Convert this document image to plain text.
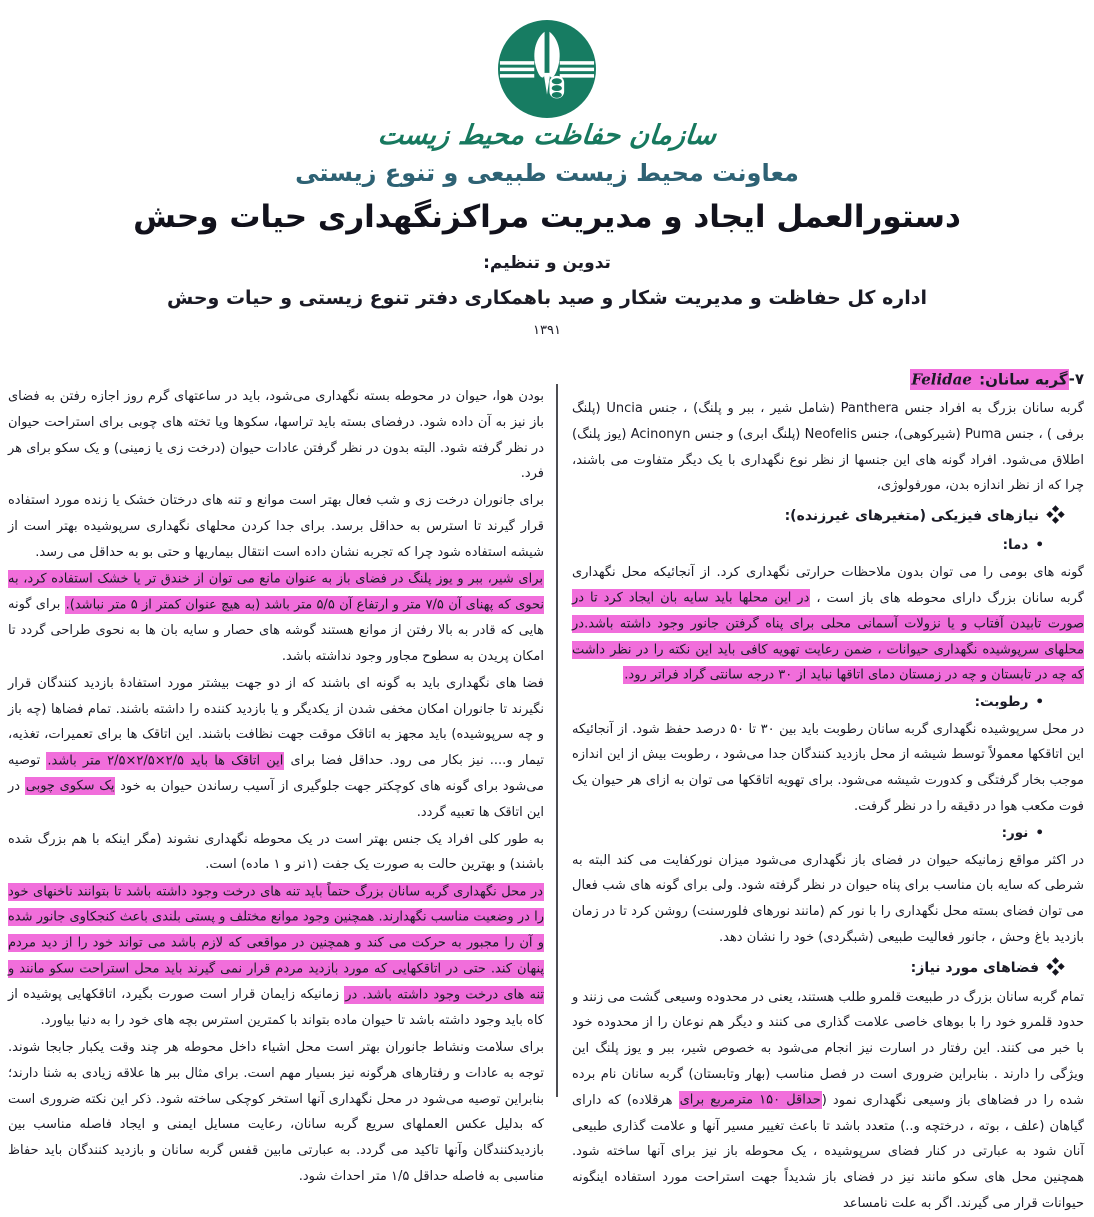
سازمان حفاظت محیط زیست
معاونت محیط زیست طبیعی و تنوع زیستی
دستورالعمل ایجاد و مدیریت مراکزنگهداری حیات وحش
تدوین و تنظیم:
اداره کل حفاظت و مدیریت شکار و صید باهمکاری دفتر تنوع زیستی و حیات وحش
۱۳۹۱
۷-گربه سانان: Felidae

گربه سانان بزرگ به افراد جنس Panthera (شامل شیر ، ببر و پلنگ) ، جنس Uncia (پلنگ برفی ) ، جنس Puma (شیرکوهی)، جنس Neofelis (پلنگ ابری) و جنس Acinonyn (یوز پلنگ) اطلاق می‌شود. افراد گونه های این جنسها از نظر نوع نگهداری با یک دیگر متفاوت می باشند، چرا که از نظر اندازه بدن، مورفولوژی،

نیازهای فیزیکی (متغیرهای غیرزنده):
•دما:

گونه های بومی را می توان بدون ملاحظات حرارتی نگهداری کرد. از آنجائیکه محل نگهداری گربه سانان بزرگ دارای محوطه های باز است ، در این محلها باید سایه بان ایجاد کرد تا در صورت تابیدن آفتاب و یا نزولات آسمانی محلی برای پناه گرفتن جانور وجود داشته باشد.در محلهای سرپوشیده نگهداری حیوانات ، ضمن رعایت تهویه کافی باید این نکته را در نظر داشت که چه در تابستان و چه در زمستان دمای اتاقها نباید از ۳۰ درجه سانتی گراد فراتر رود.

•رطوبت:

در محل سرپوشیده نگهداری گربه سانان رطوبت باید بین ۳۰ تا ۵۰ درصد حفظ شود. از آنجائیکه این اتاقکها معمولاً توسط شیشه از محل بازدید کنندگان جدا می‌شود ، رطوبت بیش از این اندازه موجب بخار گرفتگی و کدورت شیشه می‌شود. برای تهویه اتاقکها می توان به ازای هر حیوان یک فوت مکعب هوا در دقیقه را در نظر گرفت.

•نور:

در اکثر مواقع زمانیکه حیوان در فضای باز نگهداری می‌شود میزان نورکفایت می کند البته به شرطی که سایه بان مناسب برای پناه حیوان در نظر گرفته شود. ولی برای گونه های شب فعال می توان فضای بسته محل نگهداری را با نور کم (مانند نورهای فلورسنت) روشن کرد تا در زمان بازدید باغ وحش ، جانور فعالیت طبیعی (شبگردی) خود را نشان دهد.

فضاهای مورد نیاز:

تمام گربه سانان بزرگ در طبیعت قلمرو طلب هستند، یعنی در محدوده وسیعی گشت می زنند و حدود قلمرو خود را با بوهای خاصی علامت گذاری می کنند و دیگر هم نوعان را از محدوده خود با خبر می کنند. این رفتار در اسارت نیز انجام می‌شود به خصوص شیر، ببر و یوز پلنگ این ویژگی را دارند . بنابراین ضروری است در فصل مناسب (بهار وتابستان) گربه سانان نام برده شده را در فضاهای باز وسیعی نگهداری نمود (حداقل ۱۵۰ مترمربع برای هرقلاده) که دارای گیاهان (علف ، بوته ، درختچه و..) متعدد باشد تا باعث تغییر مسیر آنها و علامت گذاری طبیعی آنان شود به عبارتی در کنار فضای سرپوشیده ، یک محوطه باز نیز برای آنها ساخته شود. همچنین محل های سکو مانند نیز در فضای باز شدیداً جهت استراحت مورد استفاده اینگونه حیوانات قرار می گیرند. اگر به علت نامساعد

بودن هوا، حیوان در محوطه بسته نگهداری می‌شود، باید در ساعتهای گرم روز اجازه رفتن به فضای باز نیز به آن داده شود. درفضای بسته باید تراسها، سکوها ویا تخته های چوبی برای استراحت حیوان در نظر گرفته شود. البته بدون در نظر گرفتن عادات حیوان (درخت زی یا زمینی) و یک سکو برای هر فرد.

برای جانوران درخت زی و شب فعال بهتر است موانع و تنه های درختان خشک یا زنده مورد استفاده قرار گیرند تا استرس به حداقل برسد. برای جدا کردن محلهای نگهداری سرپوشیده بهتر است از شیشه استفاده شود چرا که تجربه نشان داده است انتقال بیماریها و حتی بو به حداقل می رسد.

برای شیر، ببر و یوز پلنگ در فضای باز به عنوان مانع می توان از خندق تر یا خشک استفاده کرد، به نحوی که پهنای آن ۷/۵ متر و ارتفاع آن ۵/۵ متر باشد (به هیچ عنوان کمتر از ۵ متر نباشد). برای گونه هایی که قادر به بالا رفتن از موانع هستند گوشه های حصار و سایه بان ها به نحوی طراحی گردد تا امکان پریدن به سطوح مجاور وجود نداشته باشد.

فضا های نگهداری باید به گونه ای باشند که از دو جهت بیشتر مورد استفادهٔ بازدید کنندگان قرار نگیرند تا جانوران امکان مخفی شدن از یکدیگر و یا بازدید کننده را داشته باشند. تمام فضاها (چه باز و چه سرپوشیده) باید مجهز به اتاقک موقت جهت نظافت باشند. این اتاقک ها برای تعمیرات، تغذیه، تیمار و.... نیز بکار می رود. حداقل فضا برای این اتاقک ها باید ۲/۵×۲/۵×۲/۵ متر باشد. توصیه می‌شود برای گونه های کوچکتر جهت جلوگیری از آسیب رساندن حیوان به خود یک سکوی چوبی در این اتاقک ها تعبیه گردد.

به طور کلی افراد یک جنس بهتر است در یک محوطه نگهداری نشوند (مگر اینکه با هم بزرگ شده باشند) و بهترین حالت به صورت یک جفت (۱نر و ۱ ماده) است.

در محل نگهداری گربه سانان بزرگ حتماً باید تنه های درخت وجود داشته باشد تا بتوانند ناخنهای خود را در وضعیت مناسب نگهدارند. همچنین وجود موانع مختلف و پستی بلندی باعث کنجکاوی جانور شده و آن را مجبور به حرکت می کند و همچنین در مواقعی که لازم باشد می تواند خود را از دید مردم پنهان کند. حتی در اتاقکهایی که مورد بازدید مردم قرار نمی گیرند باید محل استراحت سکو مانند و تنه های درخت وجود داشته باشد. در زمانیکه زایمان قرار است صورت بگیرد، اتاقکهایی پوشیده از کاه باید وجود داشته باشد تا حیوان ماده بتواند با کمترین استرس بچه های خود را به دنیا بیاورد.

برای سلامت ونشاط جانوران بهتر است محل اشیاء داخل محوطه هر چند وقت یکبار جابجا شوند. توجه به عادات و رفتارهای هرگونه نیز بسیار مهم است. برای مثال ببر ها علاقه زیادی به شنا دارند؛ بنابراین توصیه می‌شود در محل نگهداری آنها استخر کوچکی ساخته شود. ذکر این نکته ضروری است که بدلیل عکس العملهای سریع گربه سانان، رعایت مسایل ایمنی و ایجاد فاصله مناسب بین بازدیدکنندگان وآنها تاکید می گردد. به عبارتی مابین قفس گربه سانان و بازدید کنندگان باید حفاظ مناسبی به فاصله حداقل ۱/۵ متر احداث شود.
